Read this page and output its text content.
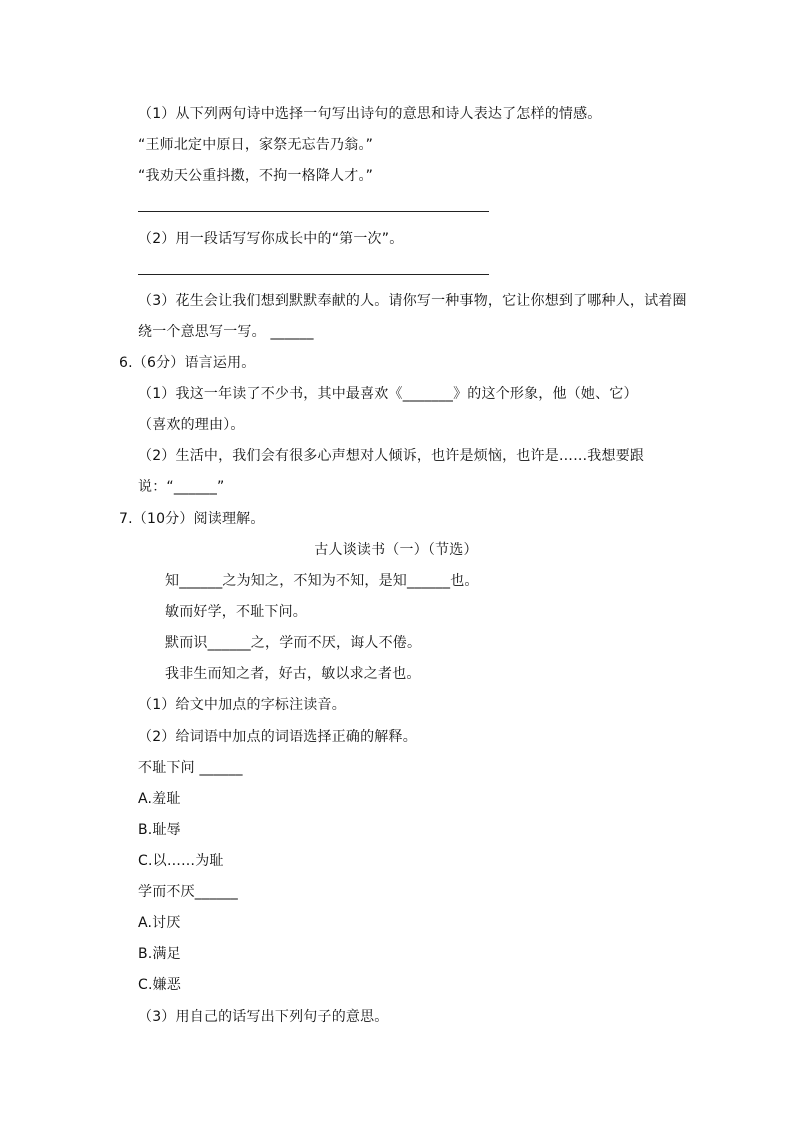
（1）从下列两句诗中选择一句写出诗句的意思和诗人表达了怎样的情感。
“王师北定中原日，家祭无忘告乃翁。”
“我劝天公重抖擞，不拘一格降人才。”
（2）用一段话写写你成长中的“第一次”。
（3）花生会让我们想到默默奉献的人。请你写一种事物，它让你想到了哪种人，试着圈
绕一个意思写一写。 ______
6.（6分）语言运用。
（1）我这一年读了不少书，其中最喜欢《_______》的这个形象，他（她、它）
（喜欢的理由）。
（2）生活中，我们会有很多心声想对人倾诉，也许是烦恼，也许是……我想要跟
说：“______”
7.（10分）阅读理解。
古人谈读书（一）（节选）
知______之为知之，不知为不知，是知______也。
敏而好学，不耻下问。
默而识______之，学而不厌，诲人不倦。
我非生而知之者，好古，敏以求之者也。
（1）给文中加点的字标注读音。
（2）给词语中加点的词语选择正确的解释。
不耻下问 ______
A.羞耻
B.耻辱
C.以……为耻
学而不厌______
A.讨厌
B.满足
C.嫌恶
（3）用自己的话写出下列句子的意思。
